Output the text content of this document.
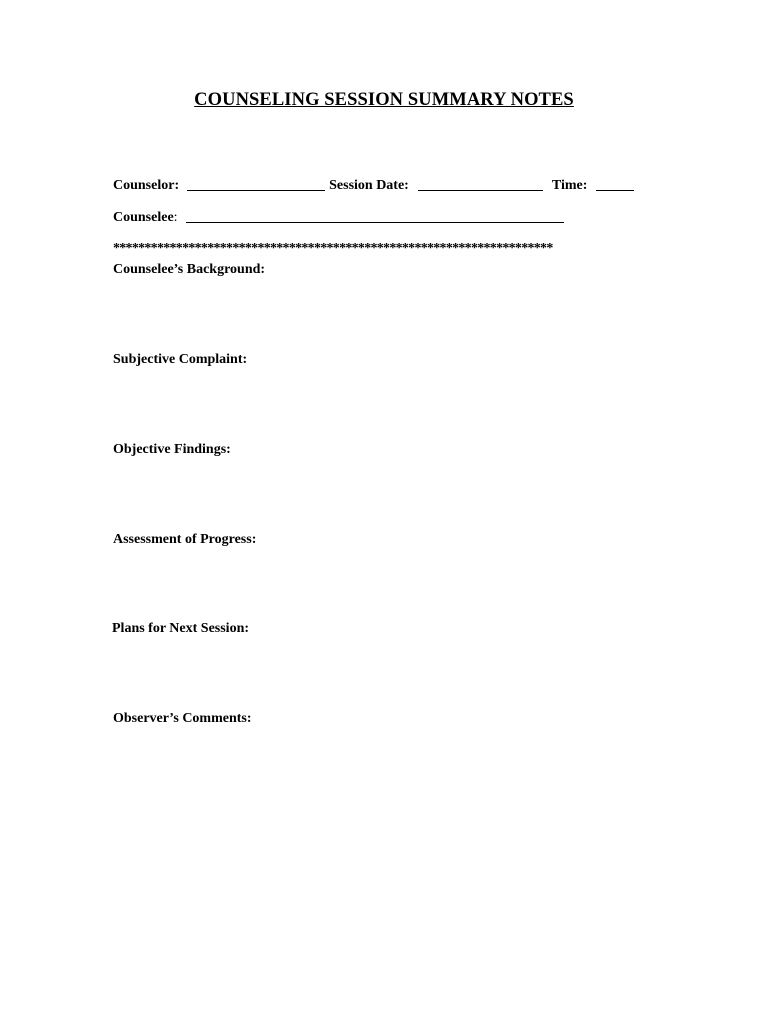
COUNSELING SESSION SUMMARY NOTES
Counselor:	Session Date:	Time:
Counselee:
**********************************************************************
Counselee’s Background:
Subjective Complaint:
Objective Findings:
Assessment of Progress:
Plans for Next Session:
Observer’s Comments:
